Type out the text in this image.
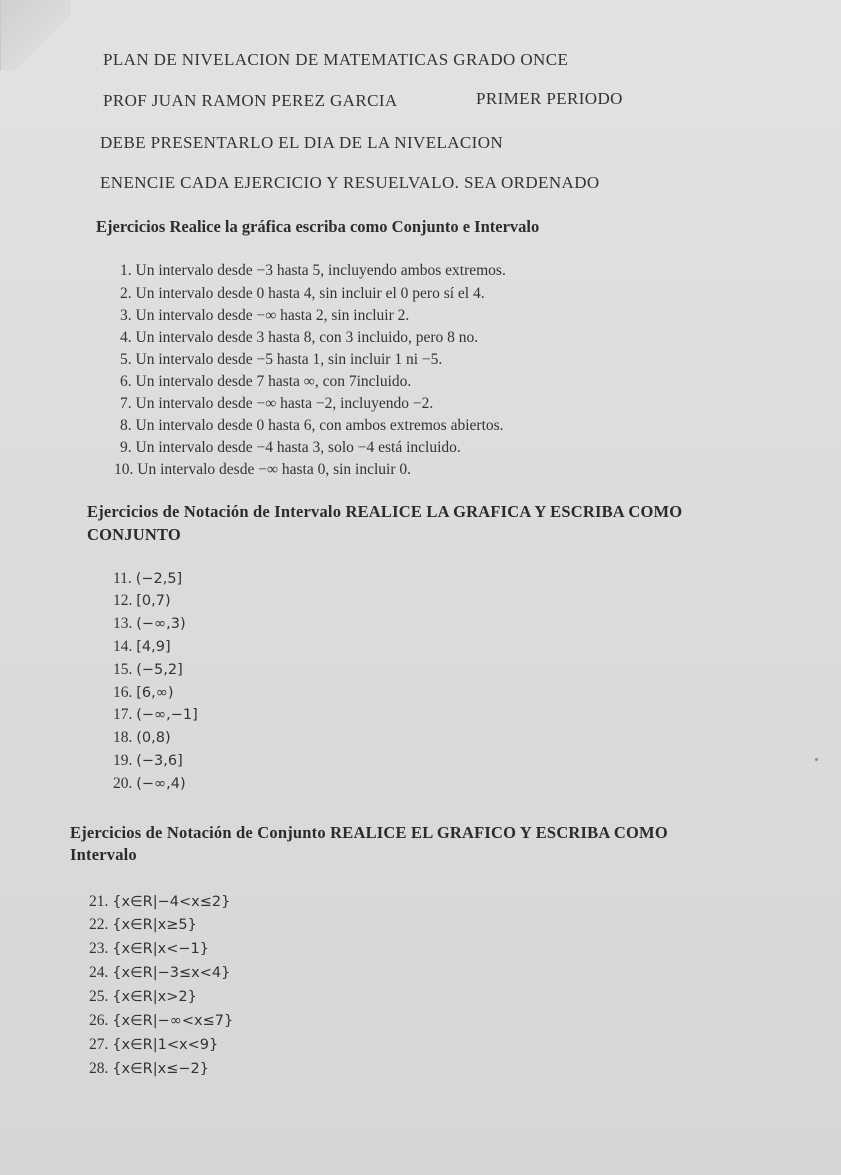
PLAN DE NIVELACION DE MATEMATICAS GRADO ONCE
PROF JUAN RAMON PEREZ GARCIA	PRIMER PERIODO
DEBE PRESENTARLO EL DIA DE LA NIVELACION
ENENCIE CADA EJERCICIO Y RESUELVALO. SEA ORDENADO
Ejercicios Realice la gráfica escriba como Conjunto e Intervalo
1. Un intervalo desde −3 hasta 5, incluyendo ambos extremos.
2. Un intervalo desde 0 hasta 4, sin incluir el 0 pero sí el 4.
3. Un intervalo desde −∞ hasta 2, sin incluir 2.
4. Un intervalo desde 3 hasta 8, con 3 incluido, pero 8 no.
5. Un intervalo desde −5 hasta 1, sin incluir 1 ni −5.
6. Un intervalo desde 7 hasta ∞, con 7incluido.
7. Un intervalo desde −∞ hasta −2, incluyendo −2.
8. Un intervalo desde 0 hasta 6, con ambos extremos abiertos.
9. Un intervalo desde −4 hasta 3, solo −4 está incluido.
10. Un intervalo desde −∞ hasta 0, sin incluir 0.
Ejercicios de Notación de Intervalo REALICE LA GRAFICA Y ESCRIBA COMO
CONJUNTO
11. (−2,5]
12. [0,7)
13. (−∞,3)
14. [4,9]
15. (−5,2]
16. [6,∞)
17. (−∞,−1]
18. (0,8)
19. (−3,6]
20. (−∞,4)
Ejercicios de Notación de Conjunto REALICE EL GRAFICO Y ESCRIBA COMO
Intervalo
21. {x∈R|−4<x≤2}
22. {x∈R|x≥5}
23. {x∈R|x<−1}
24. {x∈R|−3≤x<4}
25. {x∈R|x>2}
26. {x∈R|−∞<x≤7}
27. {x∈R|1<x<9}
28. {x∈R|x≤−2}
